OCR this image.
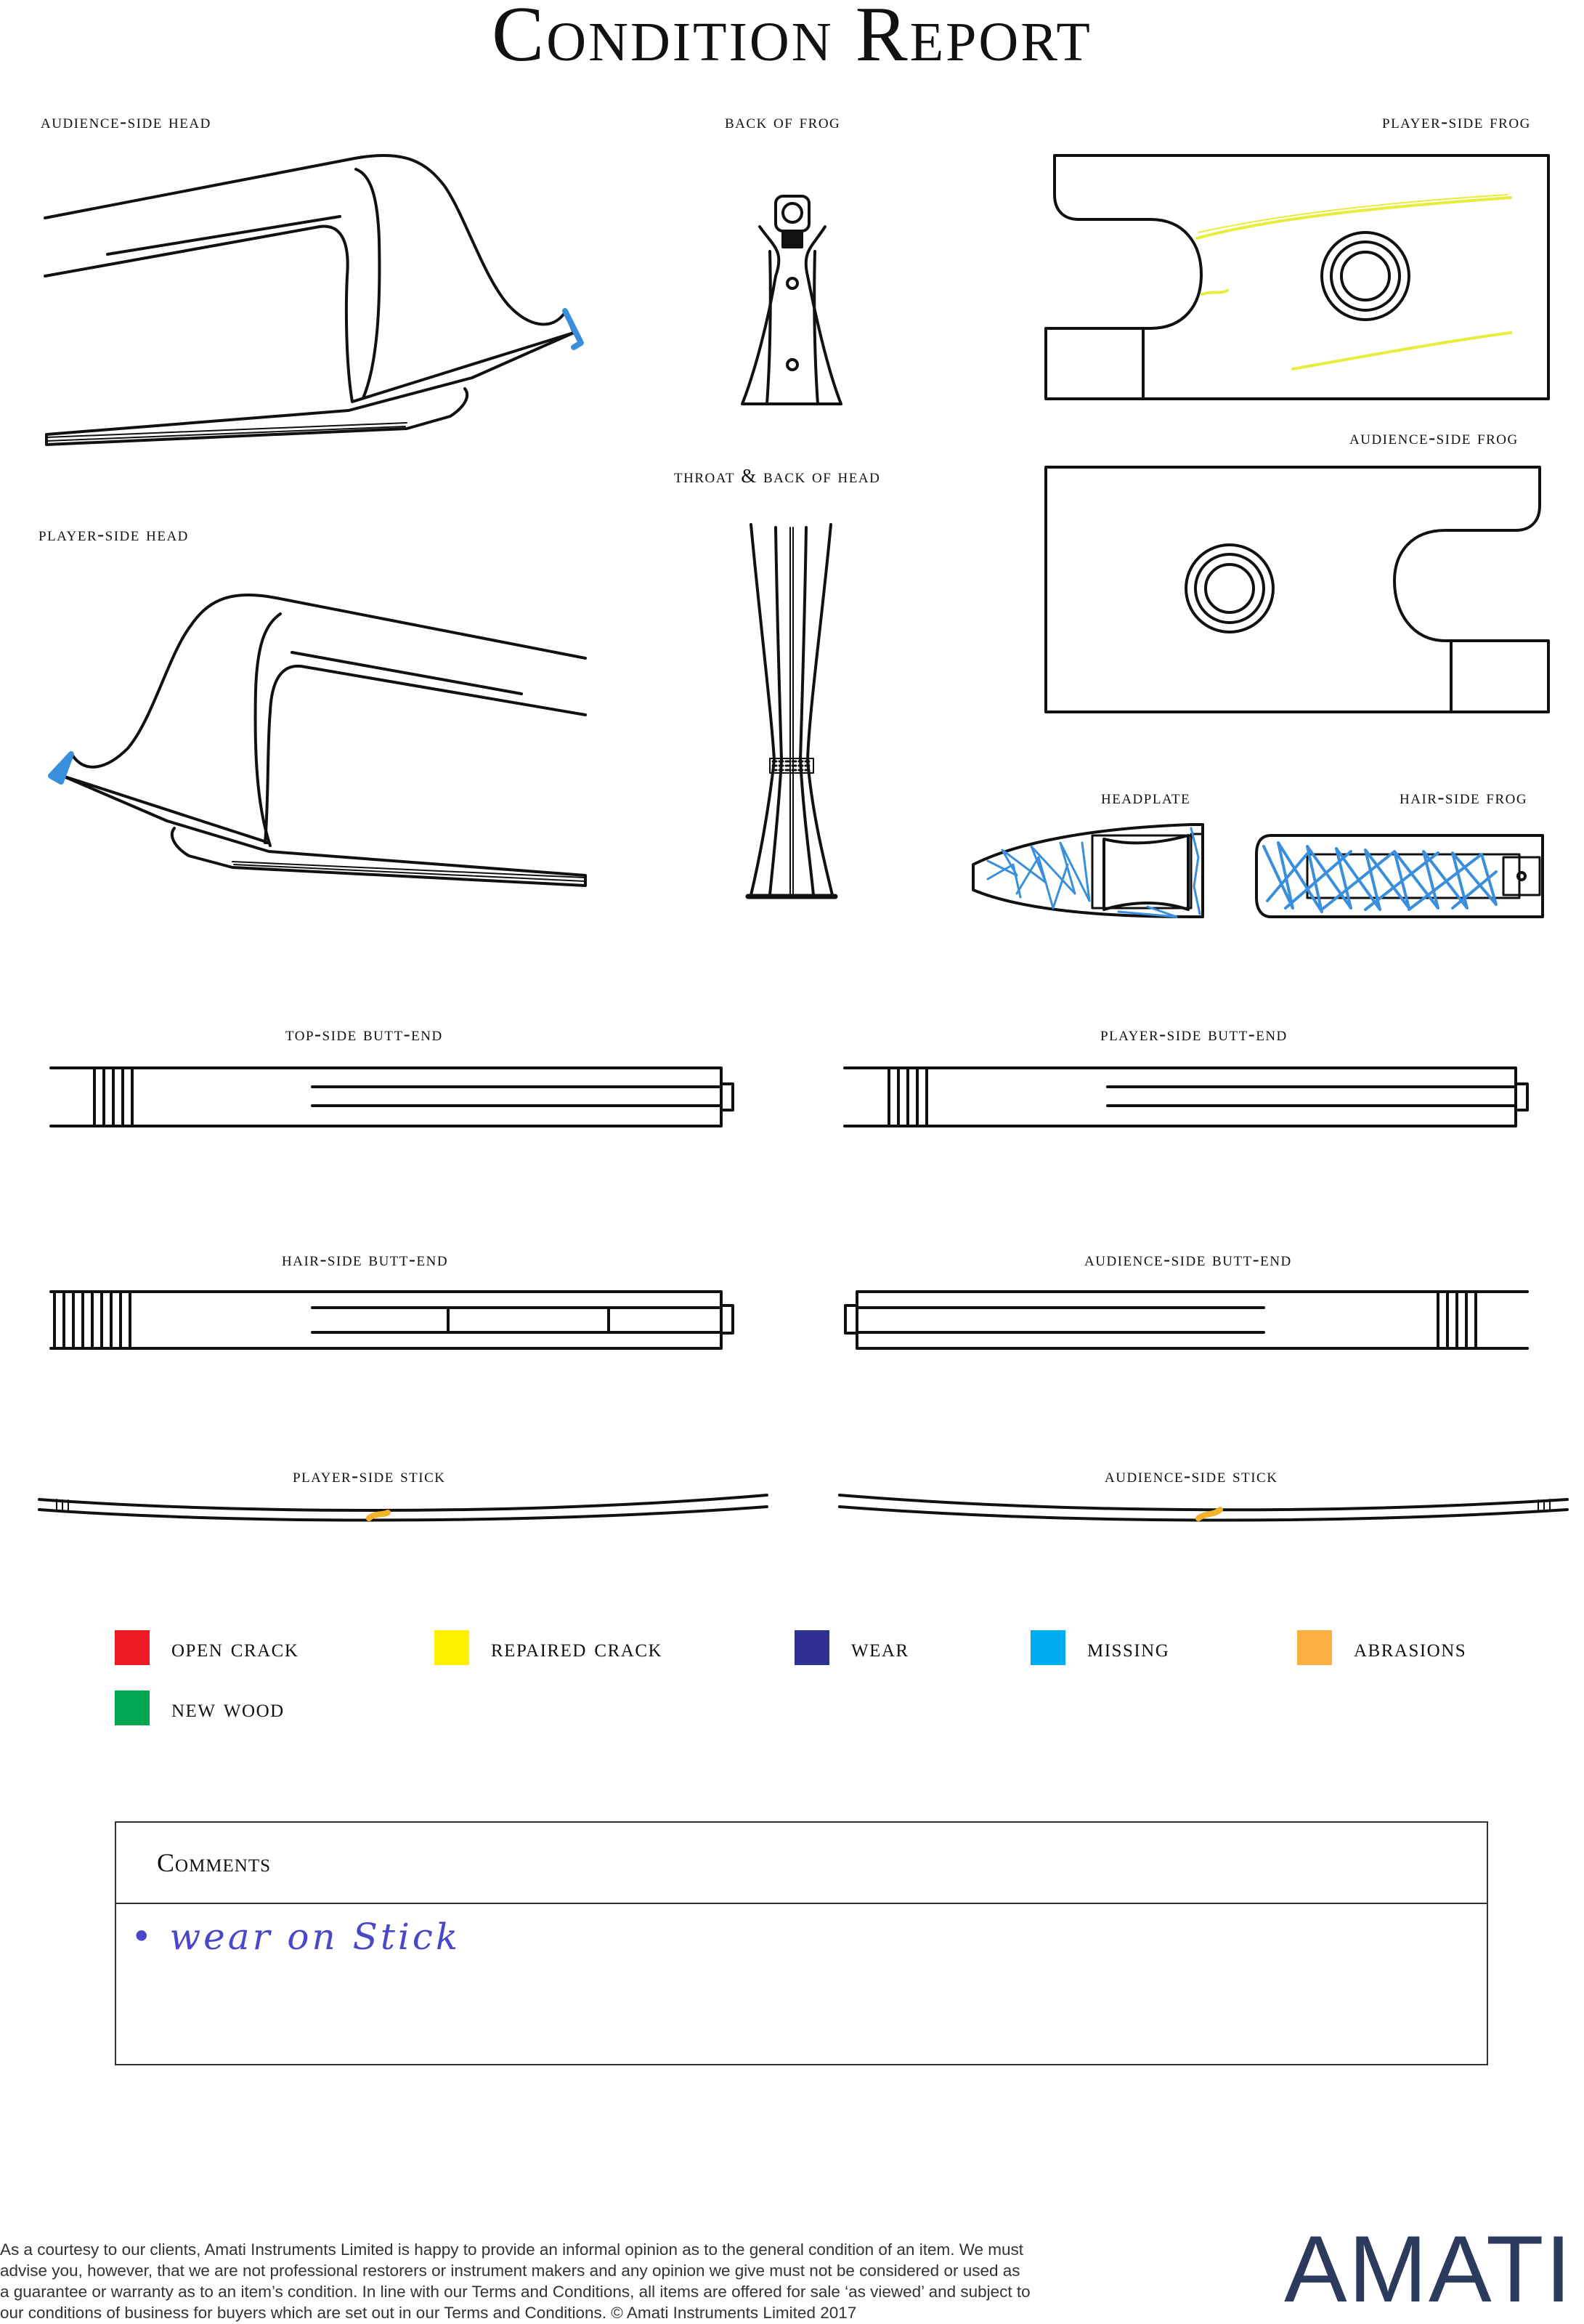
Condition Report
audience-side head	back of frog	player-side frog
throat & back of head
audience-side frog
player-side head
headplate	hair-side frog
top-side butt-end	player-side butt-end
hair-side butt-end	audience-side butt-end
player-side stick	audience-side stick
open crack	repaired crack	wear	missing	abrasions
new wood
Comments
• wear on Stick
As a courtesy to our clients, Amati Instruments Limited is happy to provide an informal opinion as to the general condition of an item. We must
advise you, however, that we are not professional restorers or instrument makers and any opinion we give must not be considered or used as
a guarantee or warranty as to an item’s condition. In line with our Terms and Conditions, all items are offered for sale ‘as viewed’ and subject to
our conditions of business for buyers which are set out in our Terms and Conditions. © Amati Instruments Limited 2017	AMATI
